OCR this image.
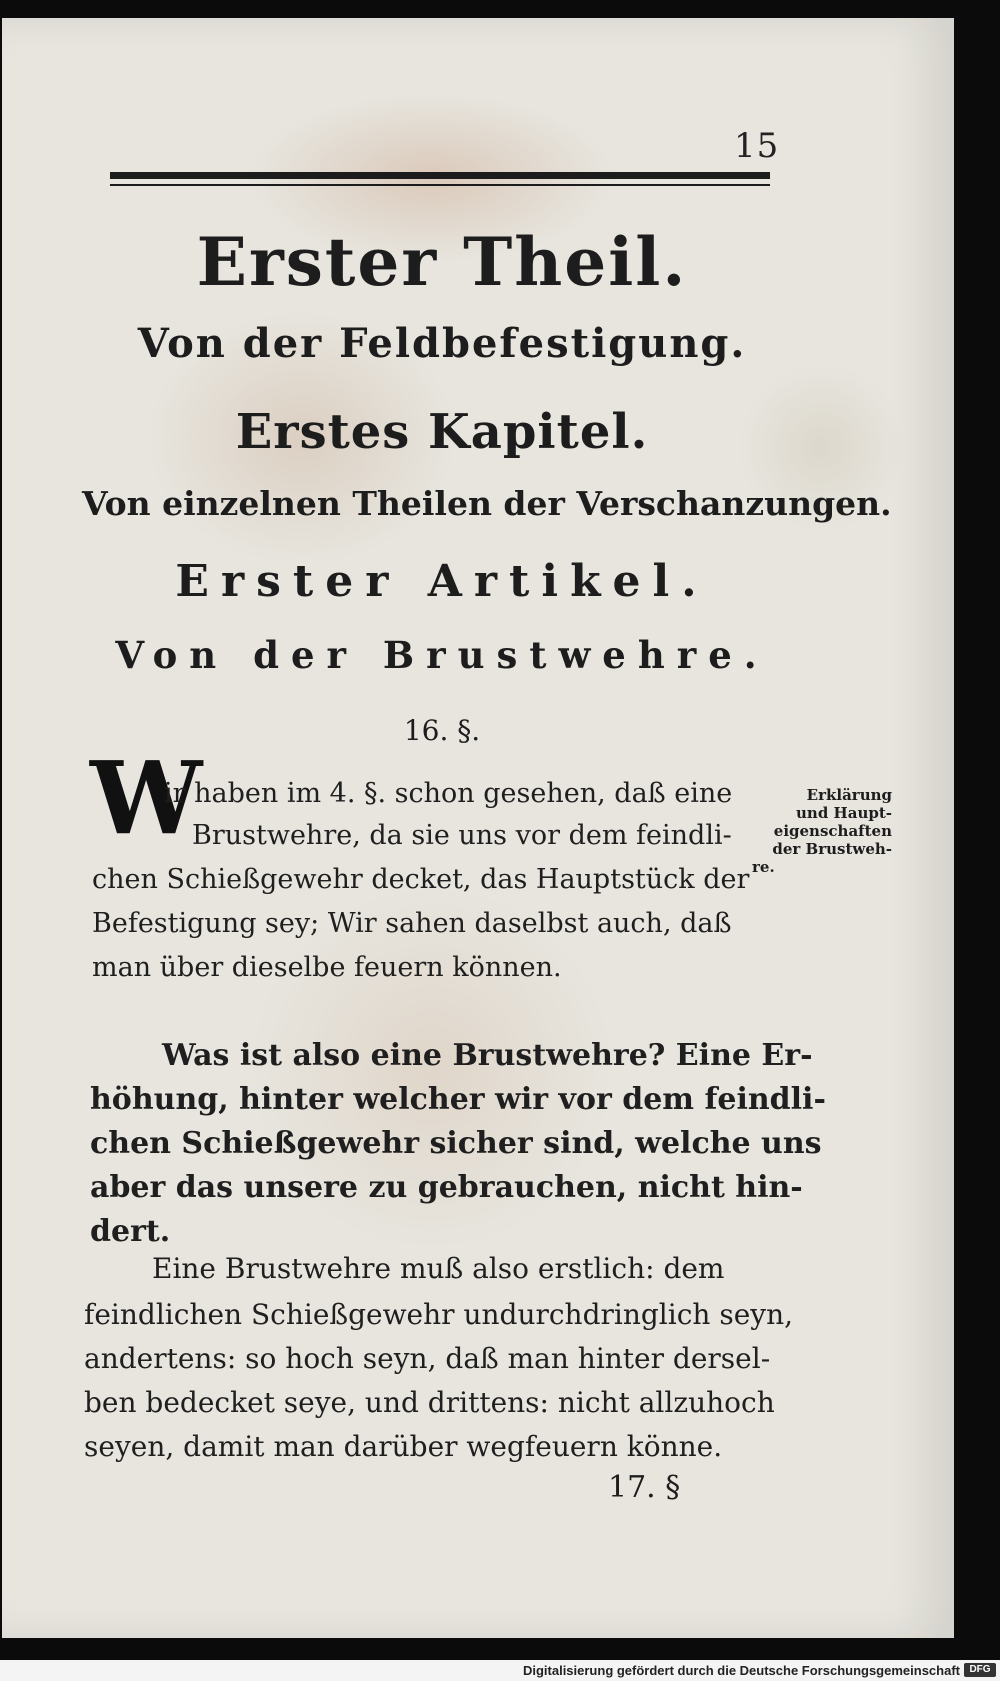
15
Erster Theil.
Von der Feldbefestigung.
Erstes Kapitel.
Von einzelnen Theilen der Verschanzungen.
Erster Artikel.
Von der Brustwehre.
16. §.
W
ir haben im 4. §. schon gesehen, daß eine
Brustwehre, da sie uns vor dem feindli-
chen Schießgewehr decket, das Hauptstück der
Befestigung sey; Wir sahen daselbst auch, daß
man über dieselbe feuern können.
Erklärung
und Haupt-
eigenschaften
der Brustweh-
re.
Was ist also eine Brustwehre? Eine Er-
höhung, hinter welcher wir vor dem feindli-
chen Schießgewehr sicher sind, welche uns
aber das unsere zu gebrauchen, nicht hin-
dert.
Eine Brustwehre muß also erstlich: dem
feindlichen Schießgewehr undurchdringlich seyn,
andertens: so hoch seyn, daß man hinter dersel-
ben bedecket seye, und drittens: nicht allzuhoch
seyen, damit man darüber wegfeuern könne.
17. §
Digitalisierung gefördert durch die Deutsche Forschungsgemeinschaft DFG
